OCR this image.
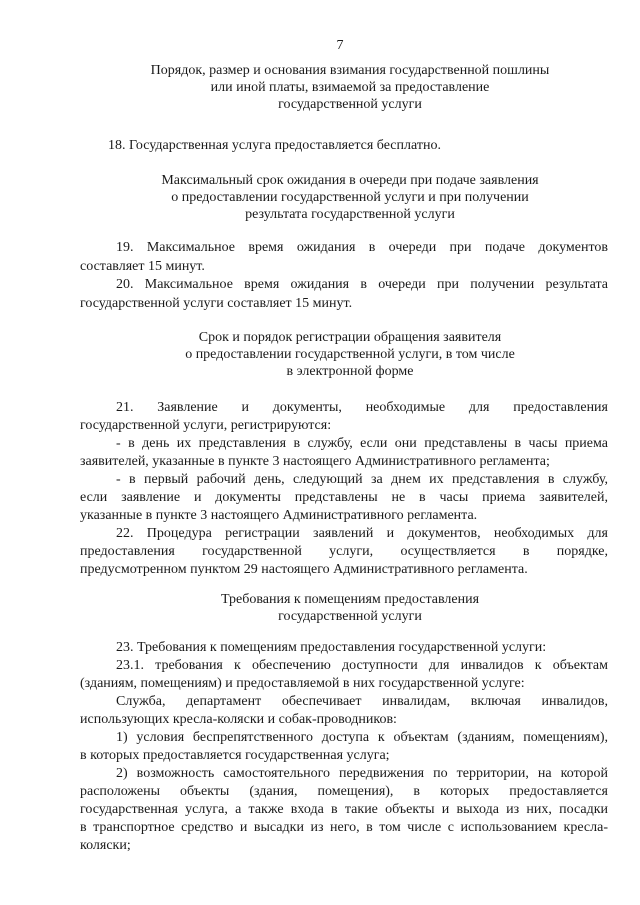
7
Порядок, размер и основания взимания государственной пошлины
или иной платы, взимаемой за предоставление
государственной услуги
18. Государственная услуга предоставляется бесплатно.
Максимальный срок ожидания в очереди при подаче заявления
о предоставлении государственной услуги и при получении
результата государственной услуги
19. Максимальное время ожидания в очереди при подаче документов
составляет 15 минут.
20. Максимальное время ожидания в очереди при получении результата
государственной услуги составляет 15 минут.
Срок и порядок регистрации обращения заявителя
о предоставлении государственной услуги, в том числе
в электронной форме
21. Заявление и документы, необходимые для предоставления
государственной услуги, регистрируются:
- в день их представления в службу, если они представлены в часы приема
заявителей, указанные в пункте 3 настоящего Административного регламента;
- в первый рабочий день, следующий за днем их представления в службу,
если заявление и документы представлены не в часы приема заявителей,
указанные в пункте 3 настоящего Административного регламента.
22. Процедура регистрации заявлений и документов, необходимых для
предоставления государственной услуги, осуществляется в порядке,
предусмотренном пунктом 29 настоящего Административного регламента.
Требования к помещениям предоставления
государственной услуги
23. Требования к помещениям предоставления государственной услуги:
23.1. требования к обеспечению доступности для инвалидов к объектам
(зданиям, помещениям) и предоставляемой в них государственной услуге:
Служба, департамент обеспечивает инвалидам, включая инвалидов,
использующих кресла-коляски и собак-проводников:
1) условия беспрепятственного доступа к объектам (зданиям, помещениям),
в которых предоставляется государственная услуга;
2) возможность самостоятельного передвижения по территории, на которой
расположены объекты (здания, помещения), в которых предоставляется
государственная услуга, а также входа в такие объекты и выхода из них, посадки
в транспортное средство и высадки из него, в том числе с использованием кресла-
коляски;
